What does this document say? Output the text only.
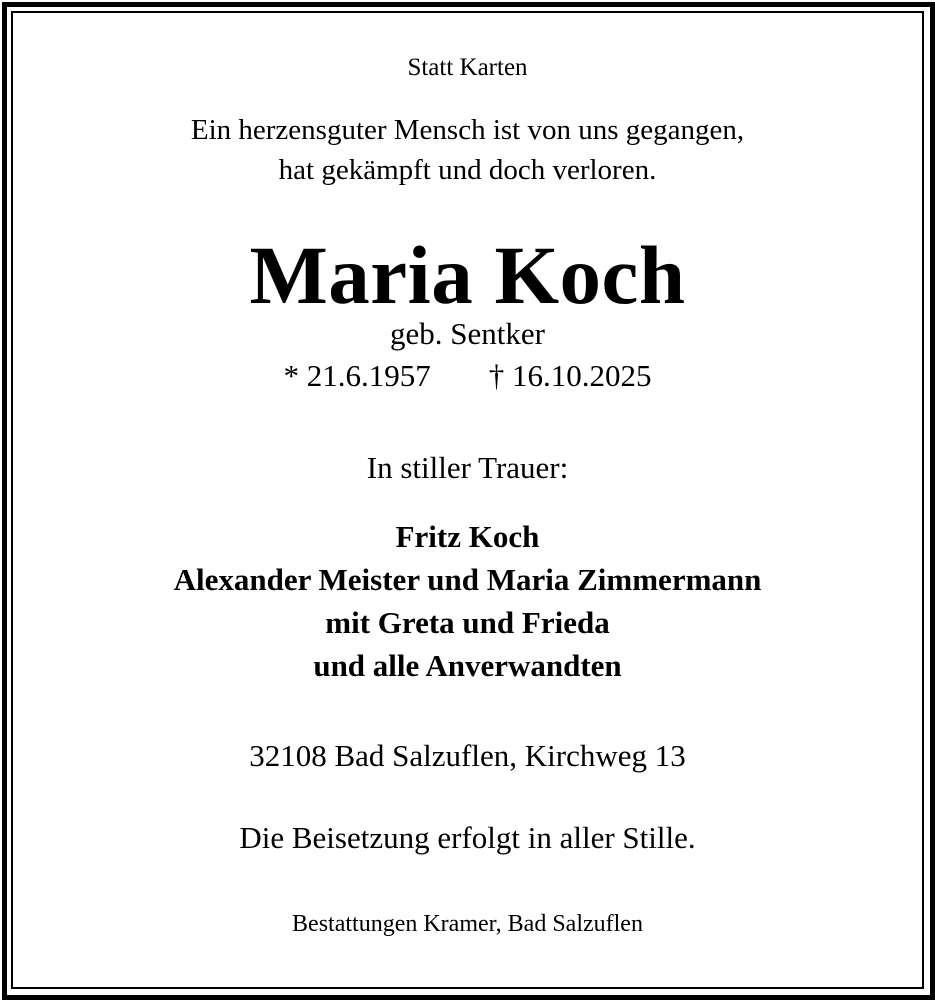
Statt Karten
Ein herzensguter Mensch ist von uns gegangen,
hat gekämpft und doch verloren.
Maria Koch
geb. Sentker
* 21.6.1957 † 16.10.2025
In stiller Trauer:
Fritz Koch
Alexander Meister und Maria Zimmermann
mit Greta und Frieda
und alle Anverwandten
32108 Bad Salzuflen, Kirchweg 13
Die Beisetzung erfolgt in aller Stille.
Bestattungen Kramer, Bad Salzuflen
